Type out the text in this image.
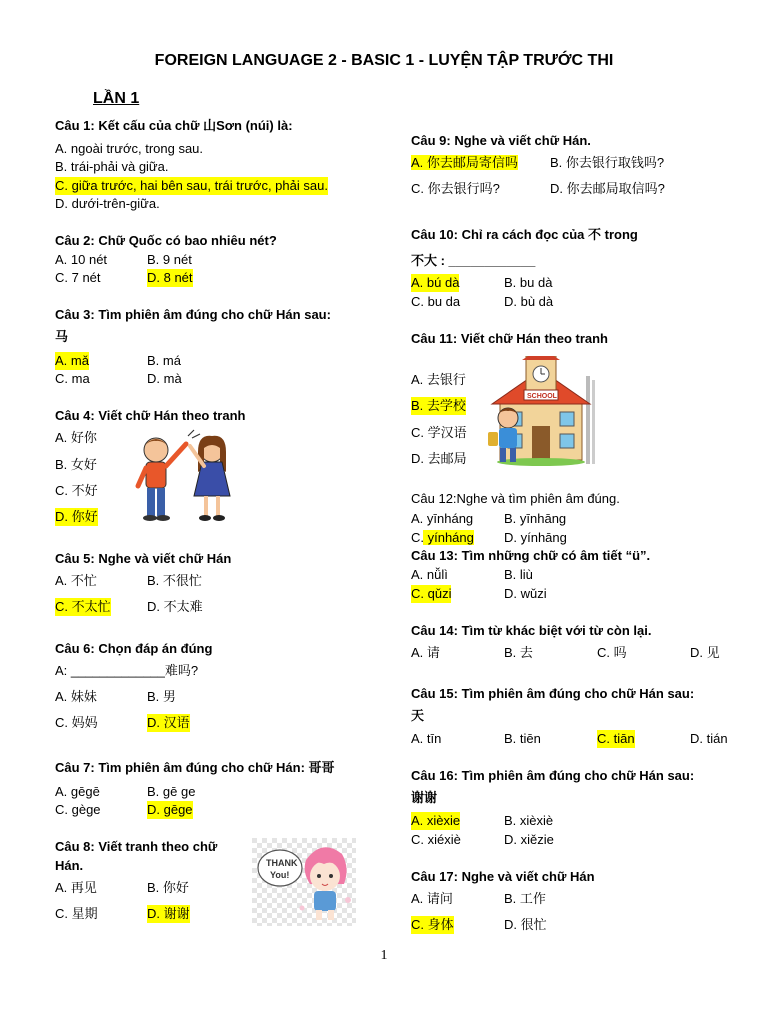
FOREIGN LANGUAGE 2 - BASIC 1 - LUYỆN TẬP TRƯỚC THI
LẦN 1
Câu 1: Kết cấu của chữ 山Sơn (núi) là:
A. ngoài trước, trong sau.
B. trái-phải và giữa.
C. giữa trước, hai bên sau, trái trước, phải sau.
D. dưới-trên-giữa.
Câu 2: Chữ Quốc có bao nhiêu nét?
A. 10 nét	B. 9 nét
C. 7 nét	D. 8 nét
Câu 3: Tìm phiên âm đúng cho chữ Hán sau:
马
A. mǎ	B. má
C. ma	D. mà
Câu 4: Viết chữ Hán theo tranh
A. 好你
B. 女好
C. 不好
D. 你好
Câu 5: Nghe và viết chữ Hán
A. 不忙	B. 不很忙
C. 不太忙	D. 不太难
Câu 6: Chọn đáp án đúng
A: _____________难吗?
A. 妹妹	B. 男
C. 妈妈	D. 汉语
Câu 7: Tìm phiên âm đúng cho chữ Hán: 哥哥
A. gēgē	B. gē ge
C. gège	D. gēge
Câu 8: Viết tranh theo chữ
Hán.
A. 再见	B. 你好
C. 星期	D. 谢谢
THANK
You!
Câu 9: Nghe và viết chữ Hán.
A. 你去邮局寄信吗 B. 你去银行取钱吗?
C. 你去银行吗?	D. 你去邮局取信吗?
Câu 10: Chỉ ra cách đọc của 不 trong
不大 : ____________
A. bú dà	B. bu dà
C. bu da	D. bù dà
Câu 11: Viết chữ Hán theo tranh
A. 去银行
B. 去学校
C. 学汉语
D. 去邮局
SCHOOL
Câu 12:Nghe và tìm phiên âm đúng.
A. yīnháng B. yīnhāng
C. yínháng D. yínhāng
Câu 13: Tìm những chữ có âm tiết “ü”.
A. nǚlì	B. liù
C. qǔzi	D. wǔzi
Câu 14: Tìm từ khác biệt với từ còn lại.
A. 请	B. 去	C. 吗	D. 见
Câu 15: Tìm phiên âm đúng cho chữ Hán sau:
天
A. tīn	B. tiēn	C. tiān	D. tián
Câu 16: Tìm phiên âm đúng cho chữ Hán sau:
谢谢
A. xièxie	B. xièxiè
C. xiéxiè	D. xiězie
Câu 17: Nghe và viết chữ Hán
A. 请问	B. 工作
C. 身体	D. 很忙
1
